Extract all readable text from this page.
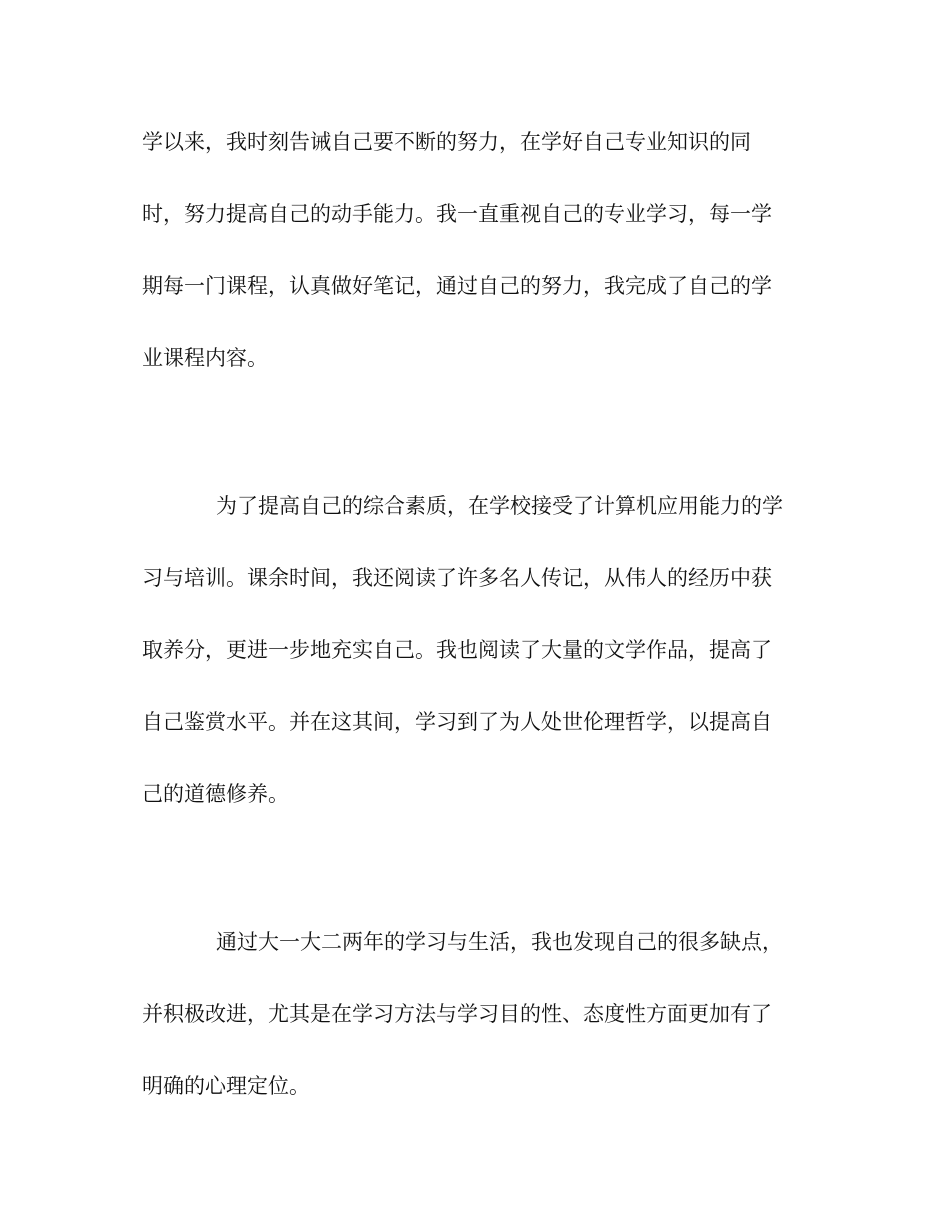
学以来，我时刻告诫自己要不断的努力，在学好自己专业知识的同

时，努力提高自己的动手能力。我一直重视自己的专业学习，每一学

期每一门课程，认真做好笔记，通过自己的努力，我完成了自己的学

业课程内容。

为了提高自己的综合素质，在学校接受了计算机应用能力的学

习与培训。课余时间，我还阅读了许多名人传记，从伟人的经历中获

取养分，更进一步地充实自己。我也阅读了大量的文学作品，提高了

自己鉴赏水平。并在这其间，学习到了为人处世伦理哲学，以提高自

己的道德修养。

通过大一大二两年的学习与生活，我也发现自己的很多缺点，

并积极改进，尤其是在学习方法与学习目的性、态度性方面更加有了

明确的心理定位。
